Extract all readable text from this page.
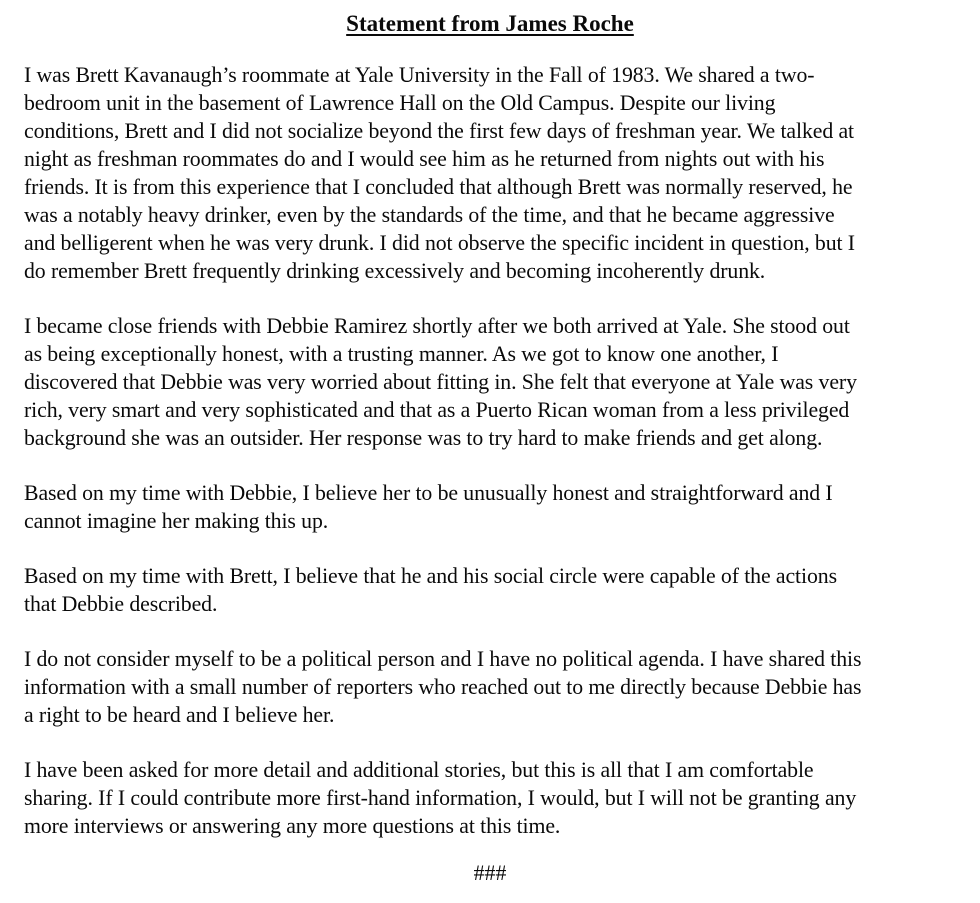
Statement from James Roche
I was Brett Kavanaugh’s roommate at Yale University in the Fall of 1983. We shared a two-
bedroom unit in the basement of Lawrence Hall on the Old Campus. Despite our living
conditions, Brett and I did not socialize beyond the first few days of freshman year. We talked at
night as freshman roommates do and I would see him as he returned from nights out with his
friends. It is from this experience that I concluded that although Brett was normally reserved, he
was a notably heavy drinker, even by the standards of the time, and that he became aggressive
and belligerent when he was very drunk. I did not observe the specific incident in question, but I
do remember Brett frequently drinking excessively and becoming incoherently drunk.
I became close friends with Debbie Ramirez shortly after we both arrived at Yale. She stood out
as being exceptionally honest, with a trusting manner. As we got to know one another, I
discovered that Debbie was very worried about fitting in. She felt that everyone at Yale was very
rich, very smart and very sophisticated and that as a Puerto Rican woman from a less privileged
background she was an outsider. Her response was to try hard to make friends and get along.
Based on my time with Debbie, I believe her to be unusually honest and straightforward and I
cannot imagine her making this up.
Based on my time with Brett, I believe that he and his social circle were capable of the actions
that Debbie described.
I do not consider myself to be a political person and I have no political agenda. I have shared this
information with a small number of reporters who reached out to me directly because Debbie has
a right to be heard and I believe her.
I have been asked for more detail and additional stories, but this is all that I am comfortable
sharing. If I could contribute more first-hand information, I would, but I will not be granting any
more interviews or answering any more questions at this time.
###
